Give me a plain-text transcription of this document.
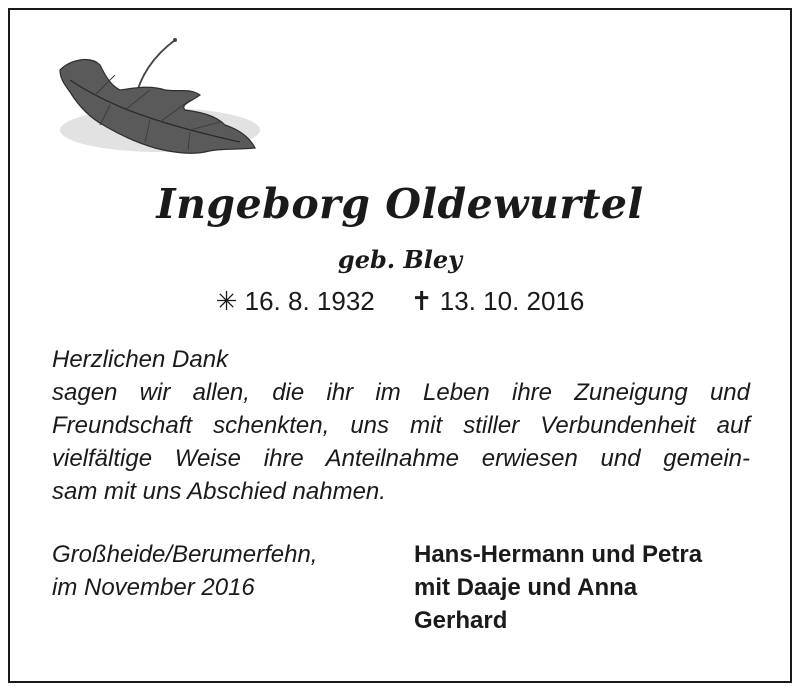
Ingeborg Oldewurtel
geb. Bley
✳ 16. 8. 1932 ✝ 13. 10. 2016
Herzlichen Dank
sagen wir allen, die ihr im Leben ihre Zuneigung und
Freundschaft schenkten, uns mit stiller Verbundenheit auf
vielfältige Weise ihre Anteilnahme erwiesen und gemein-
sam mit uns Abschied nahmen.
Großheide/Berumerfehn,
im November 2016
Hans-Hermann und Petra
mit Daaje und Anna
Gerhard
